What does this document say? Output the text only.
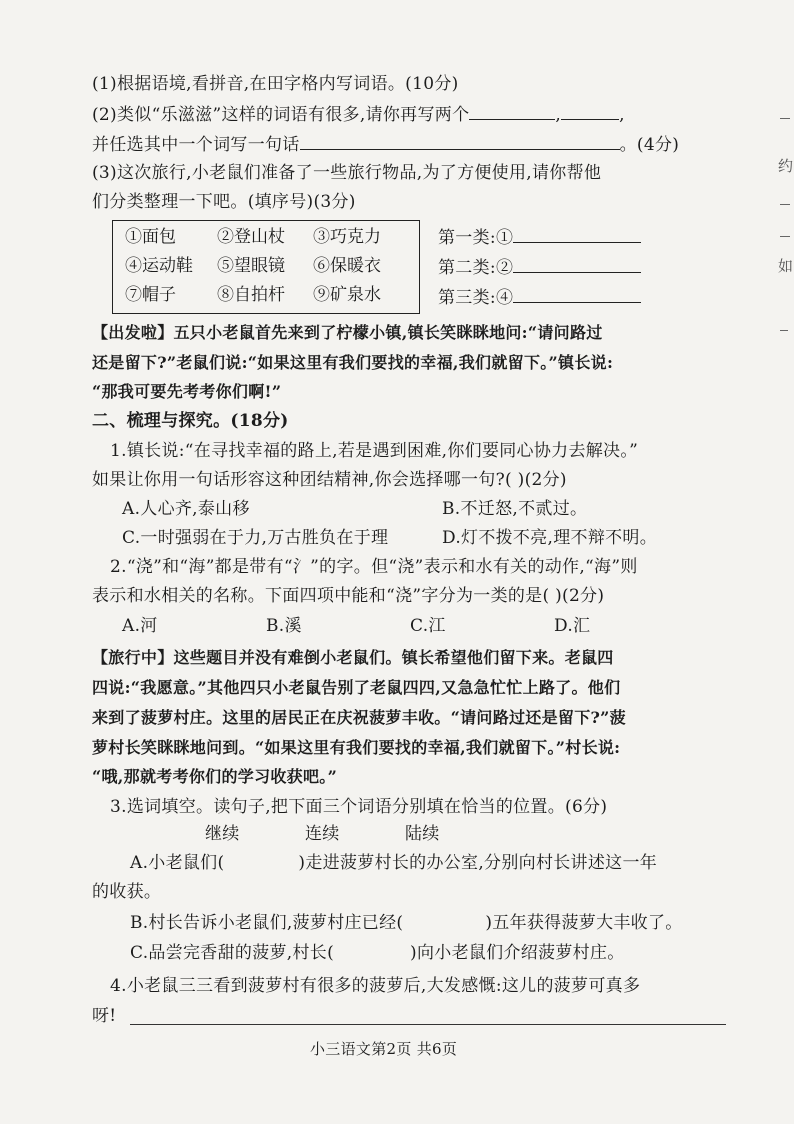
(1)根据语境,看拼音,在田字格内写词语。(10分)
(2)类似“乐滋滋”这样的词语有很多,请你再写两个	,	,
并任选其中一个词写一句话	。(4分)
(3)这次旅行,小老鼠们准备了一些旅行物品,为了方便使用,请你帮他
们分类整理一下吧。(填序号)(3分)
①面包 ②登山杖 ③巧克力
④运动鞋 ⑤望眼镜 ⑥保暖衣
⑦帽子 ⑧自拍杆 ⑨矿泉水
第一类:①
第二类:②
第三类:④
【出发啦】五只小老鼠首先来到了柠檬小镇,镇长笑眯眯地问:“请问路过
还是留下?”老鼠们说:“如果这里有我们要找的幸福,我们就留下。”镇长说:
“那我可要先考考你们啊!”
二、梳理与探究。(18分)
1.镇长说:“在寻找幸福的路上,若是遇到困难,你们要同心协力去解决。”
如果让你用一句话形容这种团结精神,你会选择哪一句?( )(2分)
A.人心齐,泰山移	B.不迁怒,不贰过。
C.一时强弱在于力,万古胜负在于理	D.灯不拨不亮,理不辩不明。
2.“浇”和“海”都是带有“氵”的字。但“浇”表示和水有关的动作,“海”则
表示和水相关的名称。下面四项中能和“浇”字分为一类的是( )(2分)
A.河	B.溪	C.江	D.汇
【旅行中】这些题目并没有难倒小老鼠们。镇长希望他们留下来。老鼠四
四说:“我愿意。”其他四只小老鼠告别了老鼠四四,又急急忙忙上路了。他们
来到了菠萝村庄。这里的居民正在庆祝菠萝丰收。“请问路过还是留下?”菠
萝村长笑眯眯地问到。“如果这里有我们要找的幸福,我们就留下。”村长说:
“哦,那就考考你们的学习收获吧。”
3.选词填空。读句子,把下面三个词语分别填在恰当的位置。(6分)
继续	连续	陆续
A.小老鼠们(	)走进菠萝村长的办公室,分别向村长讲述这一年
的收获。
B.村长告诉小老鼠们,菠萝村庄已经(	)五年获得菠萝大丰收了。
C.品尝完香甜的菠萝,村长(	)向小老鼠们介绍菠萝村庄。
4.小老鼠三三看到菠萝村有很多的菠萝后,大发感慨:这儿的菠萝可真多
呀!
小三语文第2页 共6页
约
如
